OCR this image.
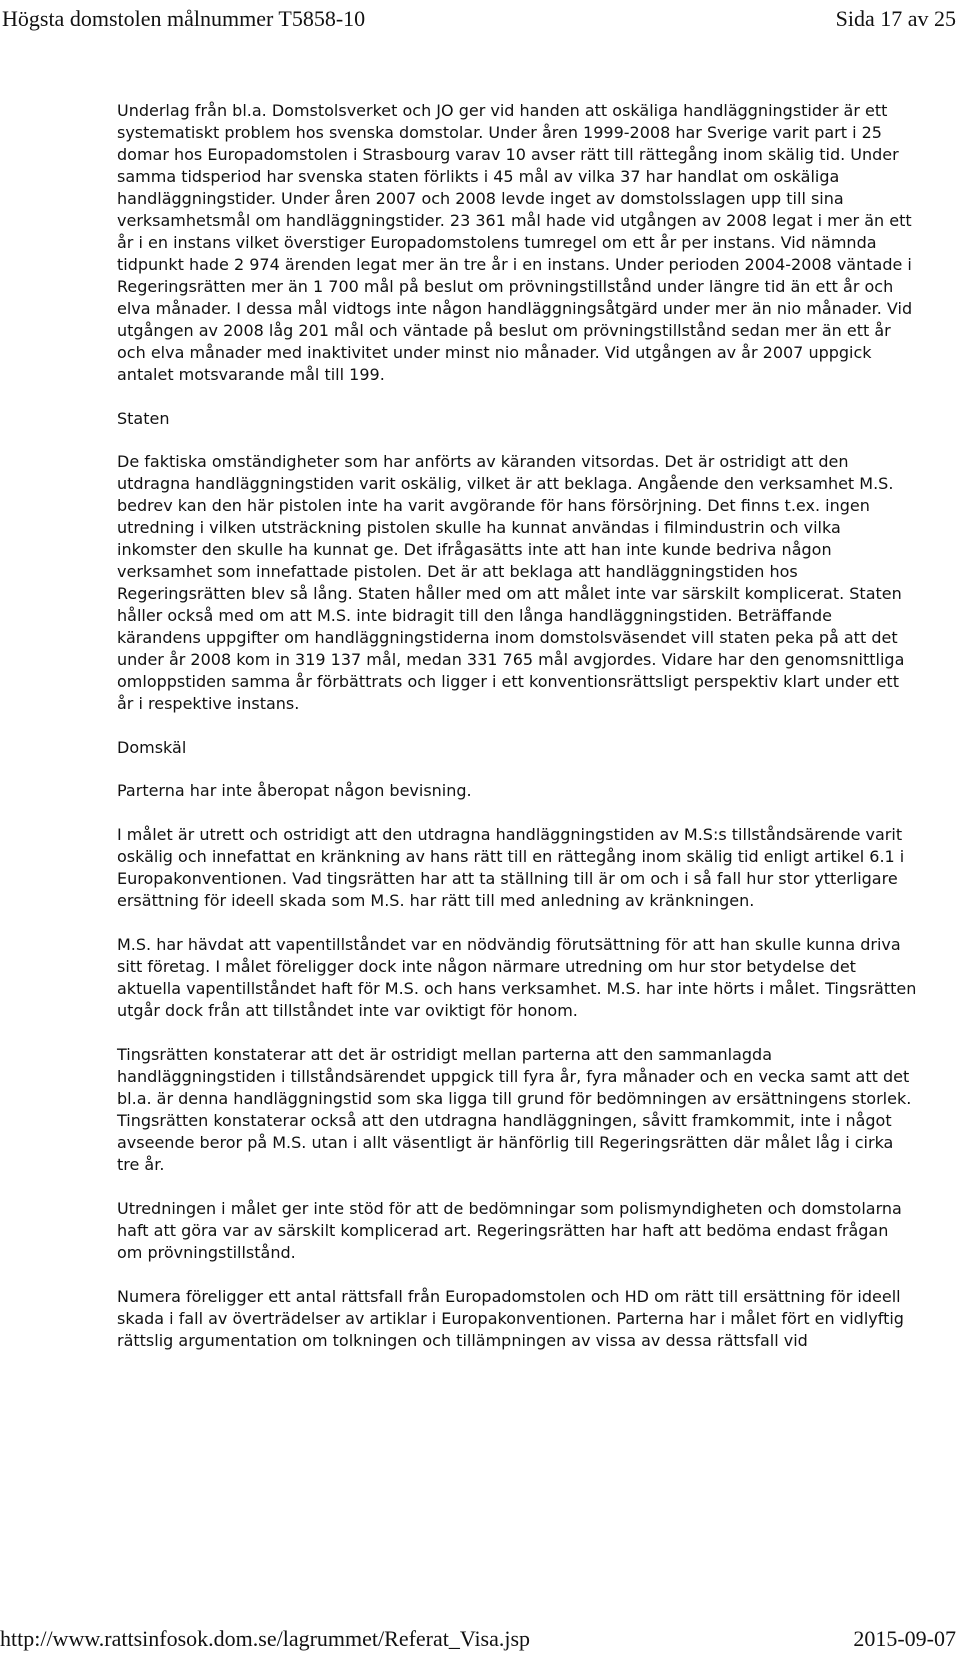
Högsta domstolen målnummer T5858-10	Sida 17 av 25

Underlag från bl.a. Domstolsverket och JO ger vid handen att oskäliga handläggningstider är ett systematiskt problem hos svenska domstolar. Under åren 1999-2008 har Sverige varit part i 25 domar hos Europadomstolen i Strasbourg varav 10 avser rätt till rättegång inom skälig tid. Under samma tidsperiod har svenska staten förlikts i 45 mål av vilka 37 har handlat om oskäliga handläggningstider. Under åren 2007 och 2008 levde inget av domstolsslagen upp till sina verksamhetsmål om handläggningstider. 23 361 mål hade vid utgången av 2008 legat i mer än ett år i en instans vilket överstiger Europadomstolens tumregel om ett år per instans. Vid nämnda tidpunkt hade 2 974 ärenden legat mer än tre år i en instans. Under perioden 2004-2008 väntade i Regeringsrätten mer än 1 700 mål på beslut om prövningstillstånd under längre tid än ett år och elva månader. I dessa mål vidtogs inte någon handläggningsåtgärd under mer än nio månader. Vid utgången av 2008 låg 201 mål och väntade på beslut om prövningstillstånd sedan mer än ett år och elva månader med inaktivitet under minst nio månader. Vid utgången av år 2007 uppgick antalet motsvarande mål till 199.

Staten

De faktiska omständigheter som har anförts av käranden vitsordas. Det är ostridigt att den utdragna handläggningstiden varit oskälig, vilket är att beklaga. Angående den verksamhet M.S. bedrev kan den här pistolen inte ha varit avgörande för hans försörjning. Det finns t.ex. ingen utredning i vilken utsträckning pistolen skulle ha kunnat användas i filmindustrin och vilka inkomster den skulle ha kunnat ge. Det ifrågasätts inte att han inte kunde bedriva någon verksamhet som innefattade pistolen. Det är att beklaga att handläggningstiden hos Regeringsrätten blev så lång. Staten håller med om att målet inte var särskilt komplicerat. Staten håller också med om att M.S. inte bidragit till den långa handläggningstiden. Beträffande kärandens uppgifter om handläggningstiderna inom domstolsväsendet vill staten peka på att det under år 2008 kom in 319 137 mål, medan 331 765 mål avgjordes. Vidare har den genomsnittliga omloppstiden samma år förbättrats och ligger i ett konventionsrättsligt perspektiv klart under ett år i respektive instans.

Domskäl

Parterna har inte åberopat någon bevisning.

I målet är utrett och ostridigt att den utdragna handläggningstiden av M.S:s tillståndsärende varit oskälig och innefattat en kränkning av hans rätt till en rättegång inom skälig tid enligt artikel 6.1 i Europakonventionen. Vad tingsrätten har att ta ställning till är om och i så fall hur stor ytterligare ersättning för ideell skada som M.S. har rätt till med anledning av kränkningen.

M.S. har hävdat att vapentillståndet var en nödvändig förutsättning för att han skulle kunna driva sitt företag. I målet föreligger dock inte någon närmare utredning om hur stor betydelse det aktuella vapentillståndet haft för M.S. och hans verksamhet. M.S. har inte hörts i målet. Tingsrätten utgår dock från att tillståndet inte var oviktigt för honom.

Tingsrätten konstaterar att det är ostridigt mellan parterna att den sammanlagda handläggningstiden i tillståndsärendet uppgick till fyra år, fyra månader och en vecka samt att det bl.a. är denna handläggningstid som ska ligga till grund för bedömningen av ersättningens storlek. Tingsrätten konstaterar också att den utdragna handläggningen, såvitt framkommit, inte i något avseende beror på M.S. utan i allt väsentligt är hänförlig till Regeringsrätten där målet låg i cirka tre år.

Utredningen i målet ger inte stöd för att de bedömningar som polismyndigheten och domstolarna haft att göra var av särskilt komplicerad art. Regeringsrätten har haft att bedöma endast frågan om prövningstillstånd.

Numera föreligger ett antal rättsfall från Europadomstolen och HD om rätt till ersättning för ideell skada i fall av överträdelser av artiklar i Europakonventionen. Parterna har i målet fört en vidlyftig rättslig argumentation om tolkningen och tillämpningen av vissa av dessa rättsfall vid

http://www.rattsinfosok.dom.se/lagrummet/Referat_Visa.jsp	2015-09-07
